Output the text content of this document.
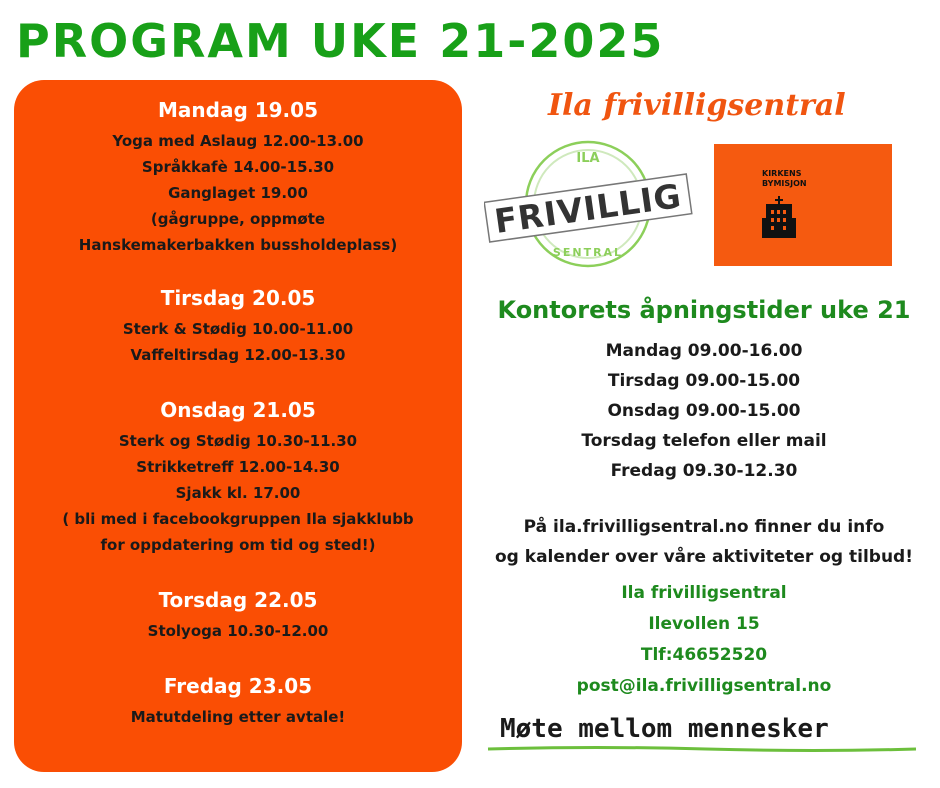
PROGRAM UKE 21-2025
Mandag 19.05
Yoga med Aslaug 12.00-13.00
Språkkafè 14.00-15.30
Ganglaget 19.00
(gågruppe, oppmøte
Hanskemakerbakken bussholdeplass)
Tirsdag 20.05
Sterk & Stødig 10.00-11.00
Vaffeltirsdag 12.00-13.30
Onsdag 21.05
Sterk og Stødig 10.30-11.30
Strikketreff 12.00-14.30
Sjakk kl. 17.00
( bli med i facebookgruppen Ila sjakklubb
for oppdatering om tid og sted!)
Torsdag 22.05
Stolyoga 10.30-12.00
Fredag 23.05
Matutdeling etter avtale!
Ila frivilligsentral
ILA
FRIVILLIG
SENTRAL
KIRKENS
BYMISJON
Kontorets åpningstider uke 21
Mandag 09.00-16.00
Tirsdag 09.00-15.00
Onsdag 09.00-15.00
Torsdag telefon eller mail
Fredag 09.30-12.30
På ila.frivilligsentral.no finner du info
og kalender over våre aktiviteter og tilbud!
Ila frivilligsentral
Ilevollen 15
Tlf:46652520
post@ila.frivilligsentral.no
Møte mellom mennesker
